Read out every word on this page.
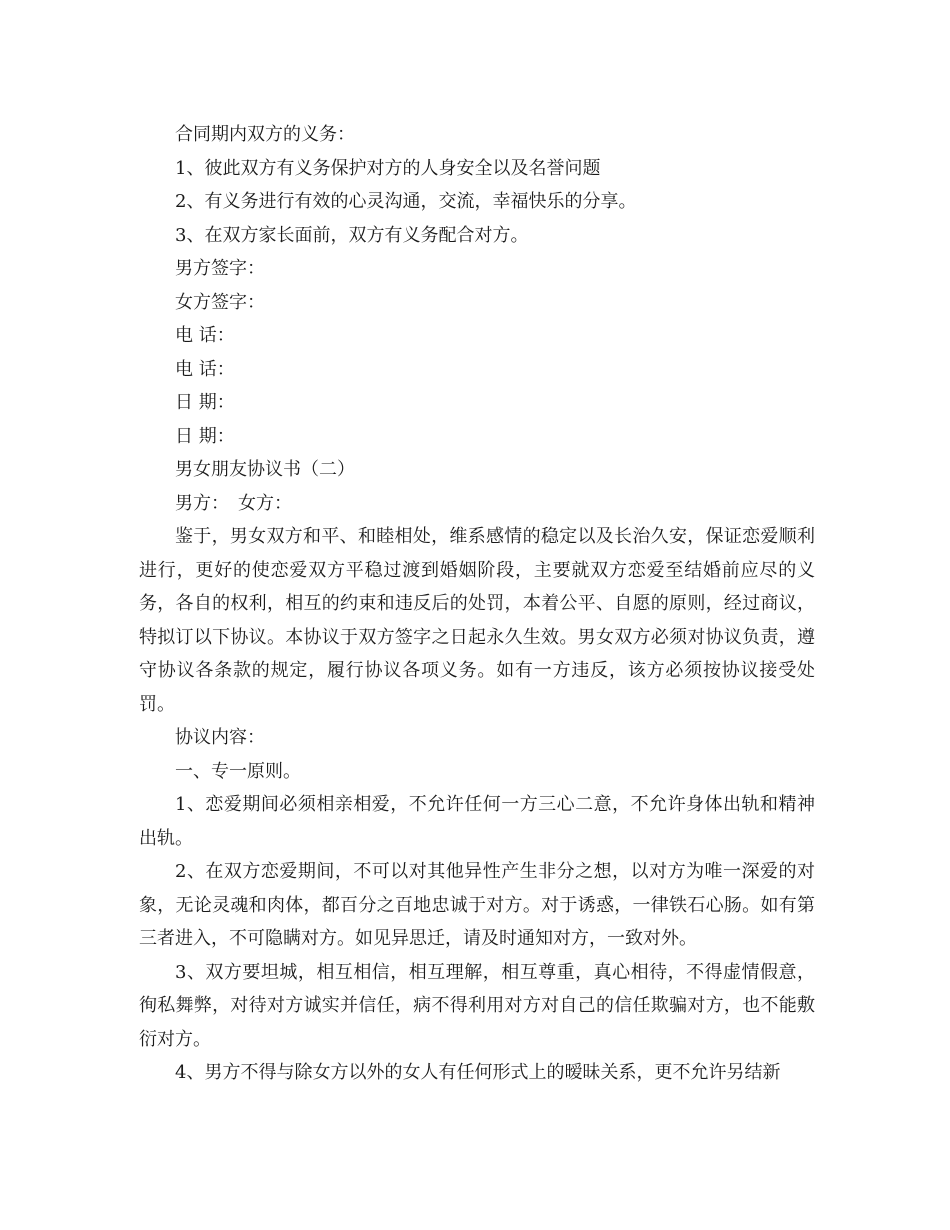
合同期内双方的义务：

1、彼此双方有义务保护对方的人身安全以及名誉问题

2、有义务进行有效的心灵沟通，交流，幸福快乐的分享。

3、在双方家长面前，双方有义务配合对方。

男方签字：

女方签字：

电 话：

电 话：

日 期：

日 期：

男女朋友协议书（二）

男方：　女方：

鉴于，男女双方和平、和睦相处，维系感情的稳定以及长治久安，保证恋爱顺利进行，更好的使恋爱双方平稳过渡到婚姻阶段，主要就双方恋爱至结婚前应尽的义务，各自的权利，相互的约束和违反后的处罚，本着公平、自愿的原则，经过商议，特拟订以下协议。本协议于双方签字之日起永久生效。男女双方必须对协议负责，遵守协议各条款的规定，履行协议各项义务。如有一方违反，该方必须按协议接受处罚。

协议内容：

一、专一原则。

1、恋爱期间必须相亲相爱，不允许任何一方三心二意，不允许身体出轨和精神出轨。

2、在双方恋爱期间，不可以对其他异性产生非分之想，以对方为唯一深爱的对象，无论灵魂和肉体，都百分之百地忠诚于对方。对于诱惑，一律铁石心肠。如有第三者进入，不可隐瞒对方。如见异思迁，请及时通知对方，一致对外。

3、双方要坦城，相互相信，相互理解，相互尊重，真心相待，不得虚情假意，徇私舞弊，对待对方诚实并信任，病不得利用对方对自己的信任欺骗对方，也不能敷衍对方。

4、男方不得与除女方以外的女人有任何形式上的暧昧关系，更不允许另结新
